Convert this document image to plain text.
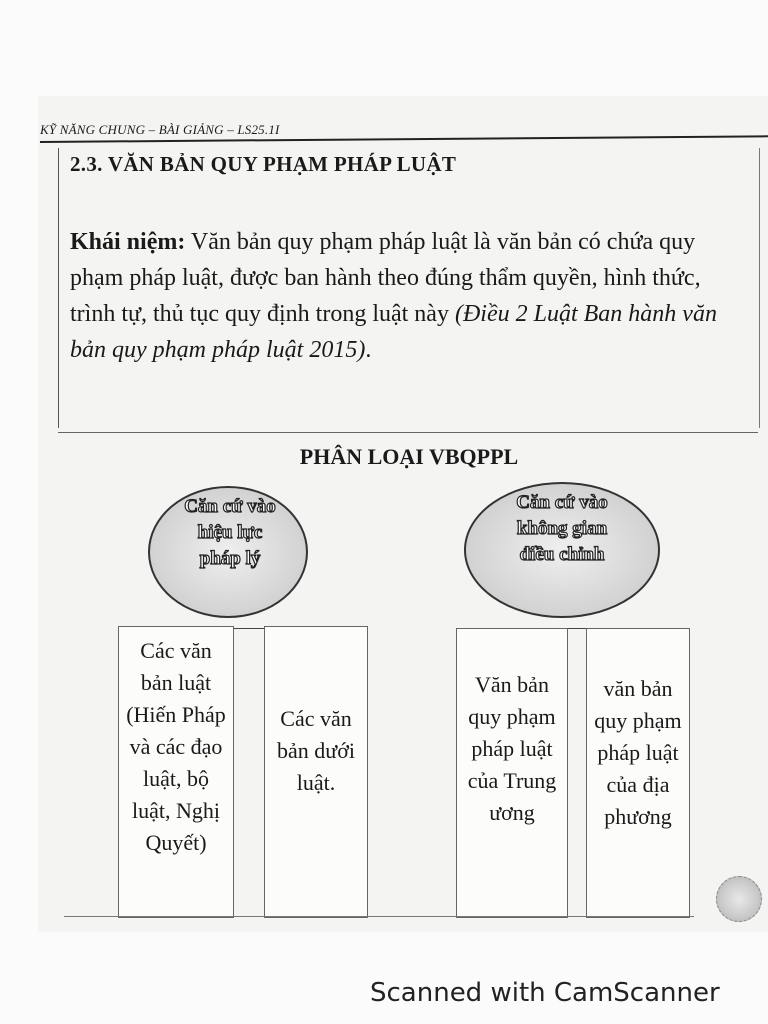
KỸ NĂNG CHUNG – BÀI GIẢNG – LS25.1I
2.3. VĂN BẢN QUY PHẠM PHÁP LUẬT
Khái niệm: Văn bản quy phạm pháp luật là văn bản có chứa quy phạm pháp luật, được ban hành theo đúng thẩm quyền, hình thức, trình tự, thủ tục quy định trong luật này (Điều 2 Luật Ban hành văn bản quy phạm pháp luật 2015).
PHÂN LOẠI VBQPPL
Căn cứ vào hiệu lực pháp lý
Căn cứ vào không gian điều chỉnh
Các văn bản luật (Hiến Pháp và các đạo luật, bộ luật, Nghị Quyết)
Các văn bản dưới luật.
Văn bản quy phạm pháp luật của Trung ương
văn bản quy phạm pháp luật của địa phương
Scanned with CamScanner
